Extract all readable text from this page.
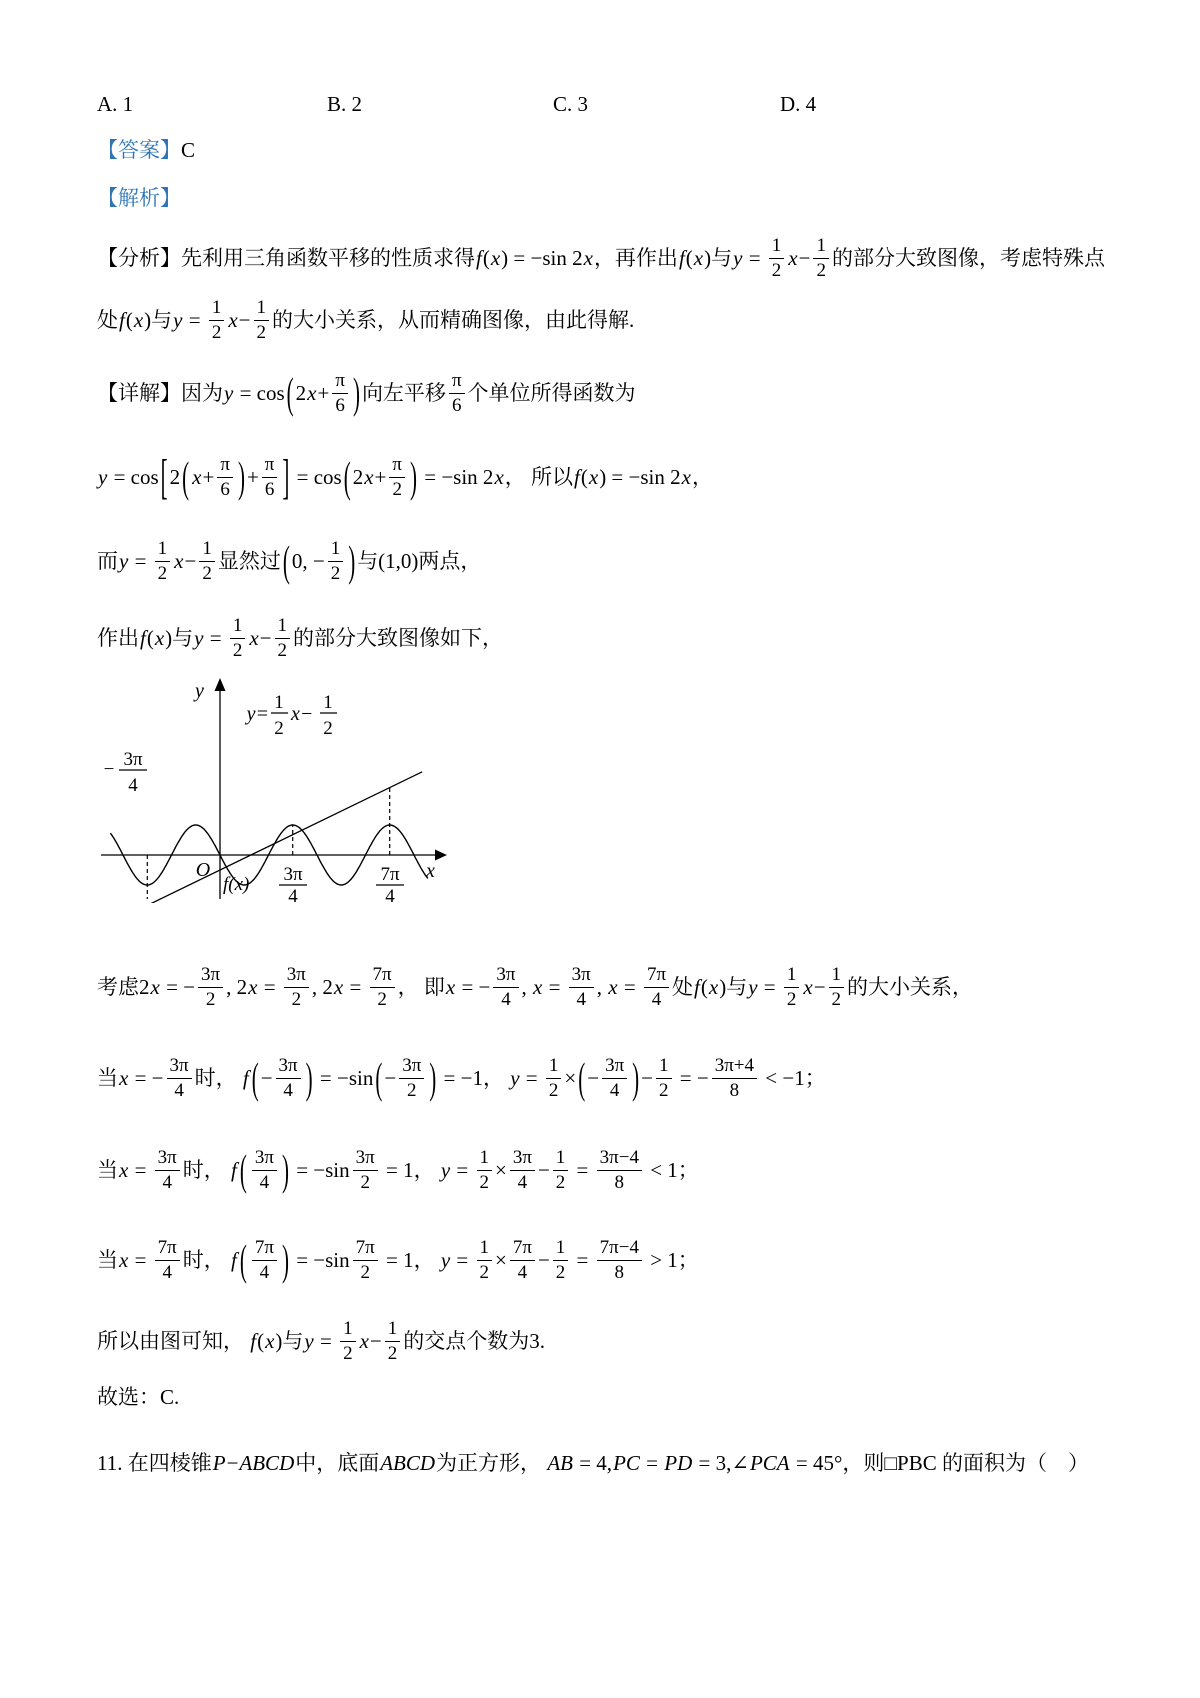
A. 1	B. 2	C. 3	D. 4
【答案】C
【解析】
【分析】先利用三角函数平移的性质求得f(x) = −sin 2x，再作出f(x)与$y = \frac{1}{2} x- \frac{1}{2}$ 的部分大致图像，考虑特殊点处f(x)与$y = \frac{1}{2} x- \frac{1}{2}$ 的大小关系，从而精确图像，由此得解.
【详解】因为$y = \cos(2x+ \frac{\pi}{6}$ )向左平移 $\frac{\pi}{6}$ 个单位所得函数为
y = cos[2( $x+ \frac{\pi}{6}$ )+ $\frac{\pi}{6}$ ] = $\cos(2x+ \frac{\pi}{2}$ ) = −sin 2x， 所以f(x) = −sin 2x，
而$y = \frac{1}{2} x- \frac{1}{2}$ 显然过(0, − $\frac{1}{2}$ )与(1,0)两点，
作出f(x)与$y = \frac{1}{2} x- \frac{1}{2}$ 的部分大致图像如下，
y
x
O
f(x)
− 3π
4
3π
4
7π
4
y=
1
2
x−
1
2
考虑2x = − $\frac{3\pi}{2}$ , $2x = \frac{3\pi}{2}$ , $2x = \frac{7\pi}{2}$ ， 即x = − $\frac{3\pi}{4}$ , $x = \frac{3\pi}{4}$ , $x = \frac{7\pi}{4}$ 处f(x)与$y = \frac{1}{2} x- \frac{1}{2}$ 的大小关系，
当x = − $\frac{3\pi}{4}$ 时， f (− $\frac{3\pi}{4}$ ) = $-\sin(- \frac{3\pi}{2}$ ) = −1， $y = \frac{1}{2}$ ×(− $\frac{3\pi}{4}$ )− $\frac{1}{2}$ = − $\frac{3\pi+4}{8} < -1$；
当$x = \frac{3\pi}{4}$ 时， f ( $\frac{3\pi}{4}$ ) = $-\sin \frac{3\pi}{2} = 1$， $y = \frac{1}{2} \times \frac{3\pi}{4} - \frac{1}{2} = \frac{3\pi-4}{8} < 1$；
当$x = \frac{7\pi}{4}$ 时， f ( $\frac{7\pi}{4}$ ) = $-\sin \frac{7\pi}{2} = 1$， $y = \frac{1}{2} \times \frac{7\pi}{4} - \frac{1}{2} = \frac{7\pi-4}{8} > 1$；
所以由图可知， f(x)与$y = \frac{1}{2} x- \frac{1}{2}$ 的交点个数为3.
故选：C.
11. 在四棱锥P−ABCD中，底面ABCD为正方形， AB = 4,PC = PD = 3,∠PCA = 45°，则□PBC 的面积为（　）
